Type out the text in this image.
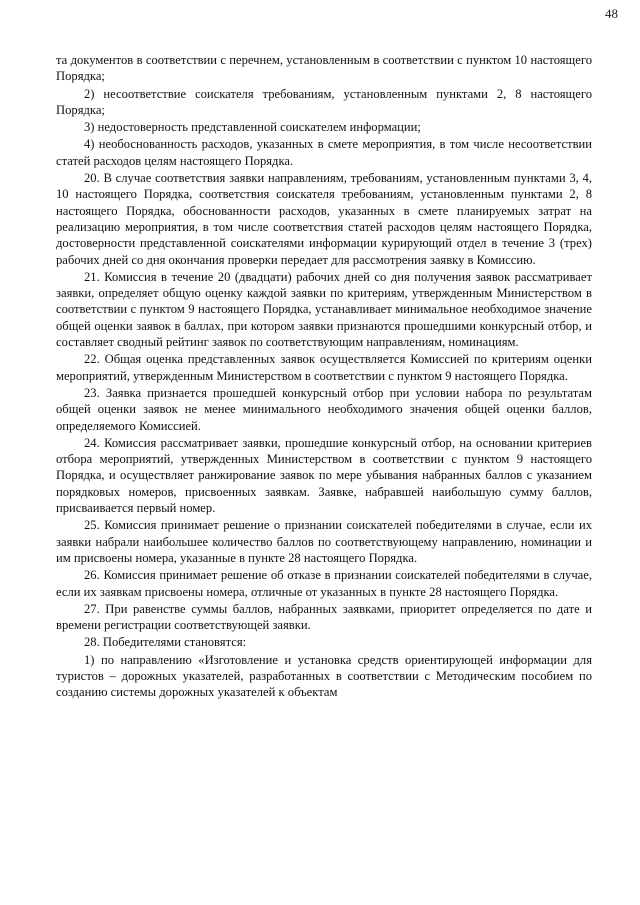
48

та документов в соответствии с перечнем, установленным в соответствии с пунктом 10 настоящего Порядка;

2) несоответствие соискателя требованиям, установленным пунктами 2, 8 настоящего Порядка;

3) недостоверность представленной соискателем информации;

4) необоснованность расходов, указанных в смете мероприятия, в том числе несоответствии статей расходов целям настоящего Порядка.

20. В случае соответствия заявки направлениям, требованиям, установленным пунктами 3, 4, 10 настоящего Порядка, соответствия соискателя требованиям, установленным пунктами 2, 8 настоящего Порядка, обоснованности расходов, указанных в смете планируемых затрат на реализацию мероприятия, в том числе соответствия статей расходов целям настоящего Порядка, достоверности представленной соискателями информации курирующий отдел в течение 3 (трех) рабочих дней со дня окончания проверки передает для рассмотрения заявку в Комиссию.

21. Комиссия в течение 20 (двадцати) рабочих дней со дня получения заявок рассматривает заявки, определяет общую оценку каждой заявки по критериям, утвержденным Министерством в соответствии с пунктом 9 настоящего Порядка, устанавливает минимальное необходимое значение общей оценки заявок в баллах, при котором заявки признаются прошедшими конкурсный отбор, и составляет сводный рейтинг заявок по соответствующим направлениям, номинациям.

22. Общая оценка представленных заявок осуществляется Комиссией по критериям оценки мероприятий, утвержденным Министерством в соответствии с пунктом 9 настоящего Порядка.

23. Заявка признается прошедшей конкурсный отбор при условии набора по результатам общей оценки заявок не менее минимального необходимого значения общей оценки баллов, определяемого Комиссией.

24. Комиссия рассматривает заявки, прошедшие конкурсный отбор, на основании критериев отбора мероприятий, утвержденных Министерством в соответствии с пунктом 9 настоящего Порядка, и осуществляет ранжирование заявок по мере убывания набранных баллов с указанием порядковых номеров, присвоенных заявкам. Заявке, набравшей наибольшую сумму баллов, присваивается первый номер.

25. Комиссия принимает решение о признании соискателей победителями в случае, если их заявки набрали наибольшее количество баллов по соответствующему направлению, номинации и им присвоены номера, указанные в пункте 28 настоящего Порядка.

26. Комиссия принимает решение об отказе в признании соискателей победителями в случае, если их заявкам присвоены номера, отличные от указанных в пункте 28 настоящего Порядка.

27. При равенстве суммы баллов, набранных заявками, приоритет определяется по дате и времени регистрации соответствующей заявки.

28. Победителями становятся:

1) по направлению «Изготовление и установка средств ориентирующей информации для туристов – дорожных указателей, разработанных в соответствии с Методическим пособием по созданию системы дорожных указателей к объектам
